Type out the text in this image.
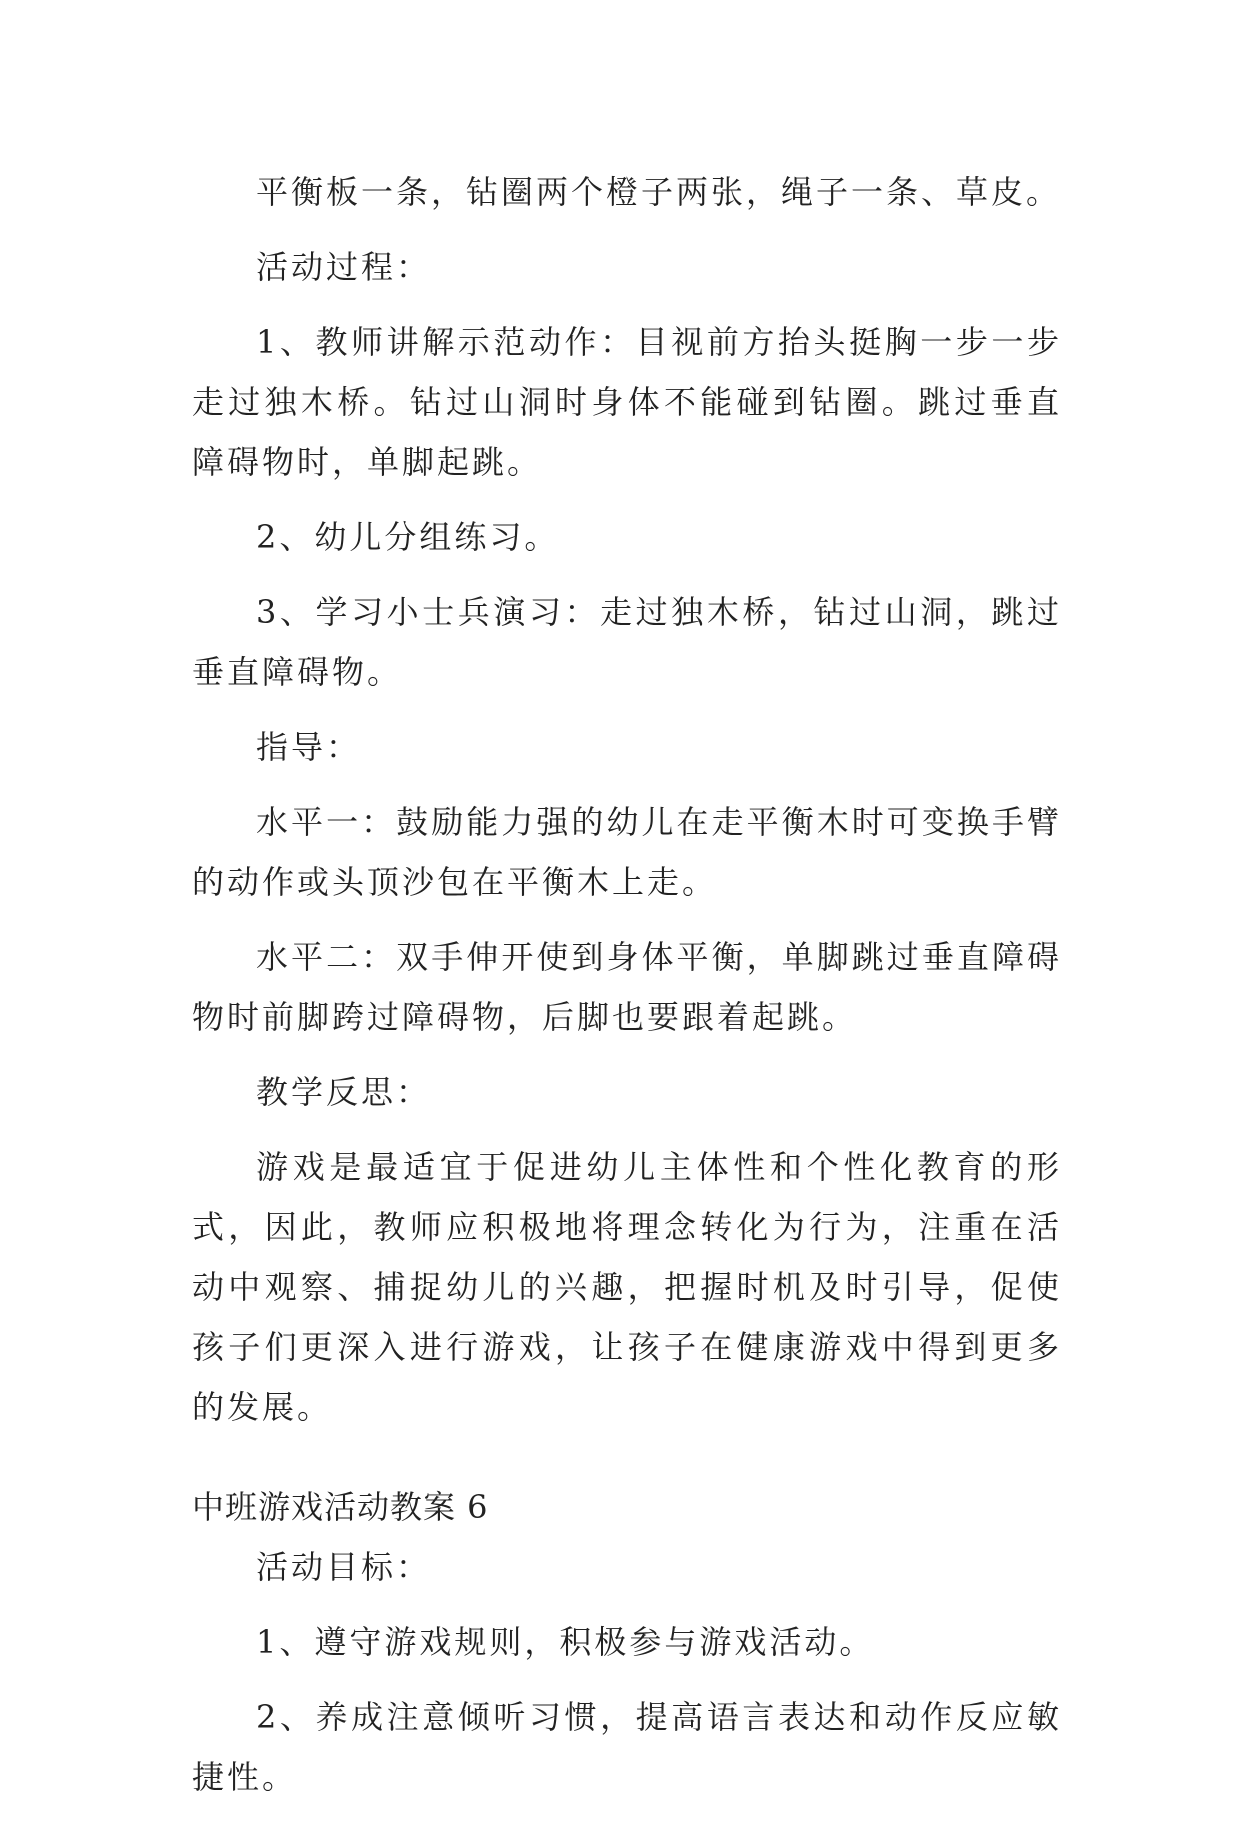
平衡板一条，钻圈两个橙子两张，绳子一条、草皮。

活动过程：

1、教师讲解示范动作：目视前方抬头挺胸一步一步走过独木桥。钻过山洞时身体不能碰到钻圈。跳过垂直障碍物时，单脚起跳。

2、幼儿分组练习。

3、学习小士兵演习：走过独木桥，钻过山洞，跳过垂直障碍物。

指导：

水平一：鼓励能力强的幼儿在走平衡木时可变换手臂的动作或头顶沙包在平衡木上走。

水平二：双手伸开使到身体平衡，单脚跳过垂直障碍物时前脚跨过障碍物，后脚也要跟着起跳。

教学反思：

游戏是最适宜于促进幼儿主体性和个性化教育的形式，因此，教师应积极地将理念转化为行为，注重在活动中观察、捕捉幼儿的兴趣，把握时机及时引导，促使孩子们更深入进行游戏，让孩子在健康游戏中得到更多的发展。

中班游戏活动教案 6

活动目标：

1、遵守游戏规则，积极参与游戏活动。

2、养成注意倾听习惯，提高语言表达和动作反应敏捷性。
